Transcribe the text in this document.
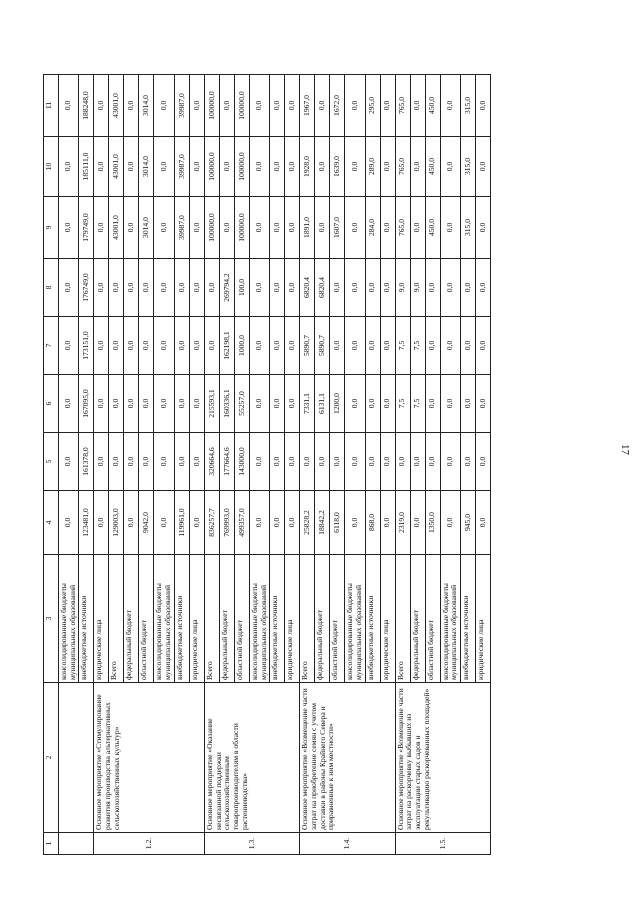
17
1	2	3	4	5	6	7	8	9	10	11
		консолидированные бюджеты муниципальных образований	0,0	0,0	0,0	0,0	0,0	0,0	0,0	0,0
		внебюджетные источники	123481,0	161378,0	167095,0	173151,0	176749,0	179749,0	185111,0	188248,0
1.2.	Основное мероприятие «Стимулирование развития производства альтернативных сельскохозяйственных культур»	юридические лица	0,0	0,0	0,0	0,0	0,0	0,0	0,0	0,0
		Всего	129003,0	0,0	0,0	0,0	0,0	43001,0	43001,0	43001,0
		федеральный бюджет	0,0	0,0	0,0	0,0	0,0	0,0	0,0	0,0
		областной бюджет	9042,0	0,0	0,0	0,0	0,0	3014,0	3014,0	3014,0
		консолидированные бюджеты муниципальных образований	0,0	0,0	0,0	0,0	0,0	0,0	0,0	0,0
		внебюджетные источники	119961,0	0,0	0,0	0,0	0,0	39987,0	39987,0	39987,0
		юридические лица	0,0	0,0	0,0	0,0	0,0	0,0	0,0	0,0
1.3.	Основное мероприятие «Оказание несвязанной поддержки сельскохозяйственным товаропроизводителям в области растениеводства»	Всего	836257,7	320664,6	215593,1	0,0	0,0	100000,0	100000,0	100000,0
		федеральный бюджет	769993,0	177664,6	160336,1	162198,1	269794,2	0,0	0,0	0,0
		областной бюджет	499357,0	143000,0	55257,0	1000,0	100,0	100000,0	100000,0	100000,0
		консолидированные бюджеты муниципальных образований	0,0	0,0	0,0	0,0	0,0	0,0	0,0	0,0
		внебюджетные источники	0,0	0,0	0,0	0,0	0,0	0,0	0,0	0,0
		юридические лица	0,0	0,0	0,0	0,0	0,0	0,0	0,0	0,0
1.4.	Основное мероприятие «Возмещение части затрат на приобретение семян с учетом доставки в районы Крайнего Севера и приравненные к ним местности»	Всего	25828,2	0,0	7331,1	5890,7	6820,4	1891,0	1928,0	1967,0
		федеральный бюджет	18842,2	0,0	6131,1	5890,7	6820,4	0,0	0,0	0,0
		областной бюджет	6118,0	0,0	1200,0	0,0	0,0	1607,0	1639,0	1672,0
		консолидированные бюджеты муниципальных образований	0,0	0,0	0,0	0,0	0,0	0,0	0,0	0,0
		внебюджетные источники	868,0	0,0	0,0	0,0	0,0	284,0	289,0	295,0
		юридические лица	0,0	0,0	0,0	0,0	0,0	0,0	0,0	0,0
1.5.	Основное мероприятие «Возмещение части затрат на раскорчевку выбывших из эксплуатации старых садов и рекультивацию раскорчеванных площадей»	Всего	2319,0	0,0	7,5	7,5	9,0	765,0	765,0	765,0
		федеральный бюджет	0,0	0,0	7,5	7,5	9,0	0,0	0,0	0,0
		областной бюджет	1350,0	0,0	0,0	0,0	0,0	450,0	450,0	450,0
		консолидированные бюджеты муниципальных образований	0,0	0,0	0,0	0,0	0,0	0,0	0,0	0,0
		внебюджетные источники	945,0	0,0	0,0	0,0	0,0	315,0	315,0	315,0
		юридические лица	0,0	0,0	0,0	0,0	0,0	0,0	0,0	0,0
